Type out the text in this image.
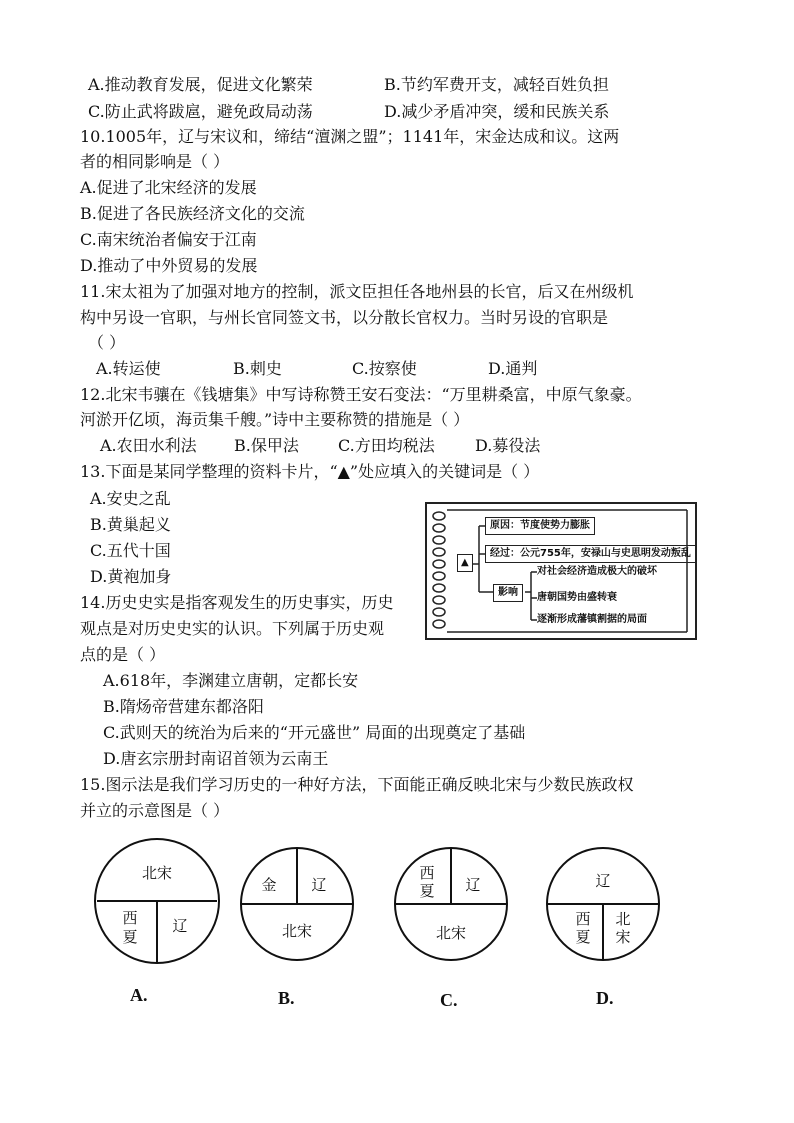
A.推动教育发展，促进文化繁荣	B.节约军费开支，减轻百姓负担
C.防止武将跋扈，避免政局动荡	D.减少矛盾冲突，缓和民族关系
10.1005年，辽与宋议和，缔结“澶渊之盟”；1141年，宋金达成和议。这两
者的相同影响是（ ）
A.促进了北宋经济的发展
B.促进了各民族经济文化的交流
C.南宋统治者偏安于江南
D.推动了中外贸易的发展
11.宋太祖为了加强对地方的控制，派文臣担任各地州县的长官，后又在州级机
构中另设一官职，与州长官同签文书，以分散长官权力。当时另设的官职是
（ ）
A.转运使	B.刺史	C.按察使	D.通判
12.北宋韦骧在《钱塘集》中写诗称赞王安石变法：“万里耕桑富，中原气象豪。
河淤开亿顷，海贡集千艘。”诗中主要称赞的措施是（ ）
A.农田水利法 B.保甲法 C.方田均税法	D.募役法
13.下面是某同学整理的资料卡片，“▲”处应填入的关键词是（ ）
A.安史之乱
B.黄巢起义
C.五代十国
D.黄袍加身
▲
原因：节度使势力膨胀
经过：公元755年，安禄山与史思明发动叛乱
影响
对社会经济造成极大的破坏
唐朝国势由盛转衰
逐渐形成藩镇割据的局面
14.历史史实是指客观发生的历史事实，历史
观点是对历史史实的认识。下列属于历史观
点的是（ ）
A.618年，李渊建立唐朝，定都长安
B.隋炀帝营建东都洛阳
C.武则天的统治为后来的“开元盛世” 局面的出现奠定了基础
D.唐玄宗册封南诏首领为云南王
15.图示法是我们学习历史的一种好方法，下面能正确反映北宋与少数民族政权
并立的示意图是（ ）
北宋
西
夏
辽
A.
金 辽
北宋
B.
西
夏 辽
北宋
C.
辽
西
夏
北
宋
D.
